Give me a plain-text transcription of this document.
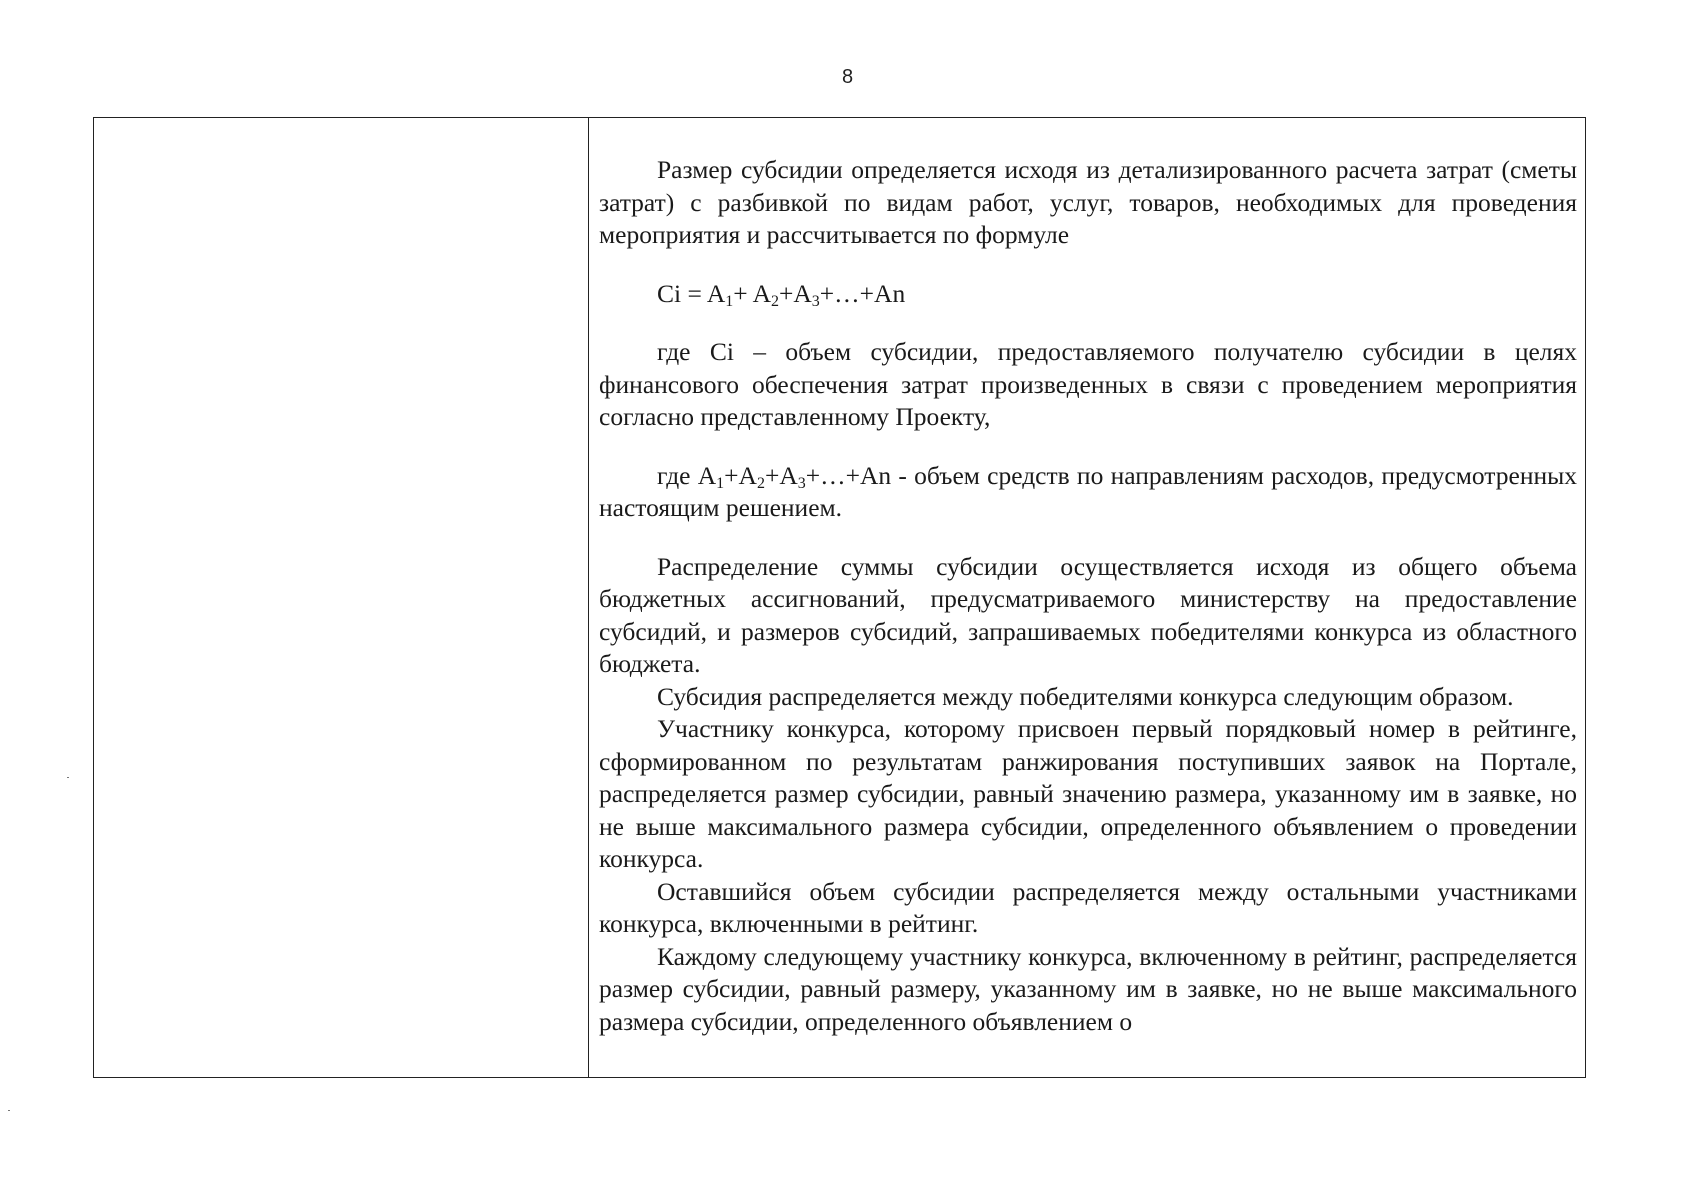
8

Размер субсидии определяется исходя из детализированного расчета затрат (сметы затрат) с разбивкой по видам работ, услуг, товаров, необходимых для проведения мероприятия и рассчитывается по формуле

$Ci = A_1+$ $A_2+A_3+\dots+An$

где Ci – объем субсидии, предоставляемого получателю субсидии в целях финансового обеспечения затрат произведенных в связи с проведением мероприятия согласно представленному Проекту,

где $A_1+A_2+A_3+\dots+An$ - объем средств по направлениям расходов, предусмотренных настоящим решением.

Распределение суммы субсидии осуществляется исходя из общего объема бюджетных ассигнований, предусматриваемого министерству на предоставление субсидий, и размеров субсидий, запрашиваемых победителями конкурса из областного бюджета.

Субсидия распределяется между победителями конкурса следующим образом.

Участнику конкурса, которому присвоен первый порядковый номер в рейтинге, сформированном по результатам ранжирования поступивших заявок на Портале, распределяется размер субсидии, равный значению размера, указанному им в заявке, но не выше максимального размера субсидии, определенного объявлением о проведении конкурса.

Оставшийся объем субсидии распределяется между остальными участниками конкурса, включенными в рейтинг.

Каждому следующему участнику конкурса, включенному в рейтинг, распределяется размер субсидии, равный размеру, указанному им в заявке, но не выше максимального размера субсидии, определенного объявлением о
